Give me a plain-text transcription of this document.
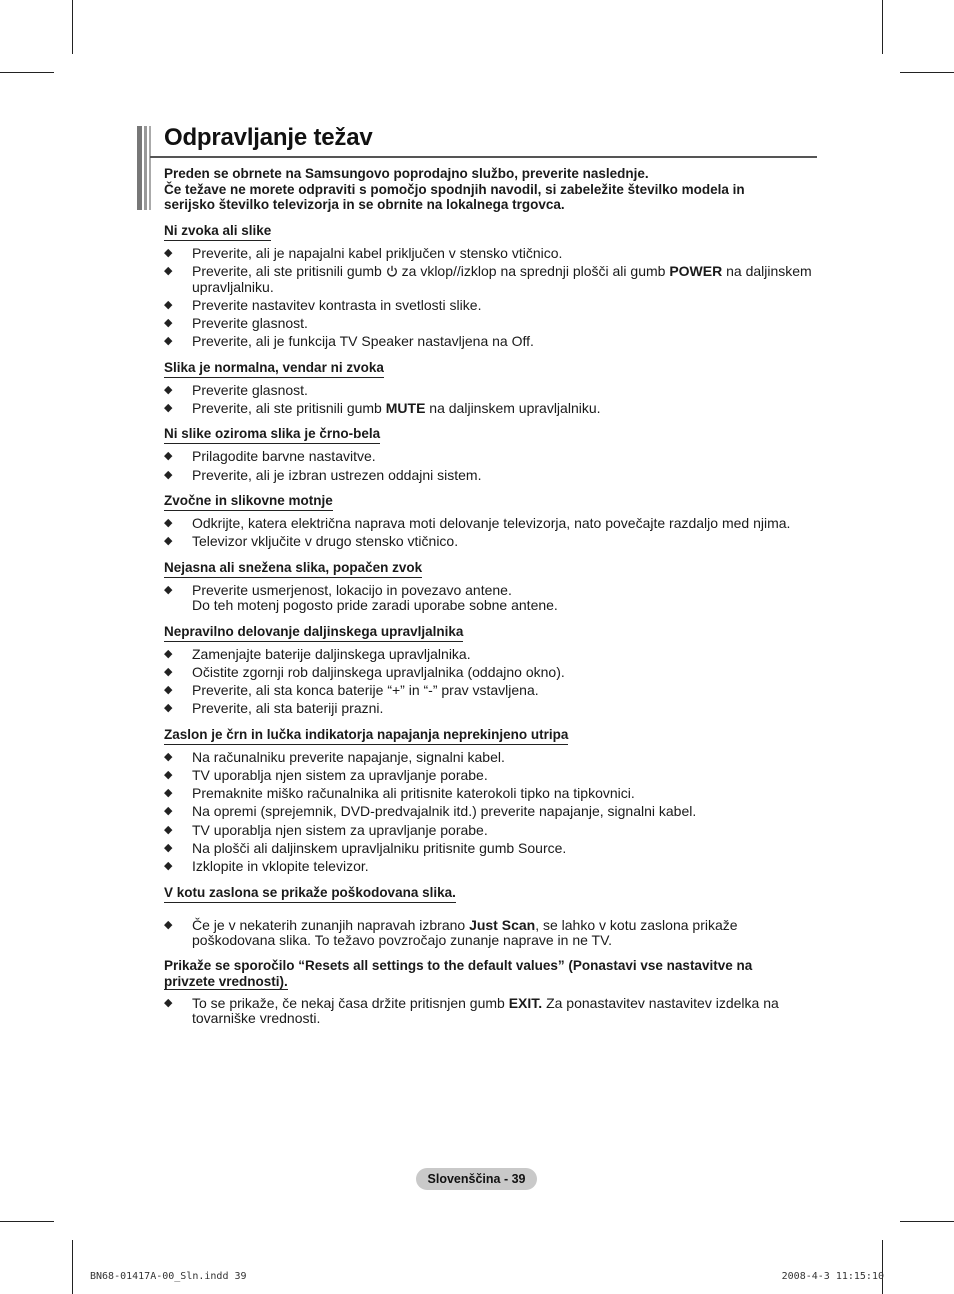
Odpravljanje težav
Preden se obrnete na Samsungovo poprodajno službo, preverite naslednje.
Če težave ne morete odpraviti s pomočjo spodnjih navodil, si zabeležite številko modela in
serijsko številko televizorja in se obrnite na lokalnega trgovca.
Ni zvoka ali slike
◆ Preverite, ali je napajalni kabel priključen v stensko vtičnico.
◆ Preverite, ali ste pritisnili gumb  za vklop//izklop na sprednji plošči ali gumb POWER na daljinskem upravljalniku.
◆ Preverite nastavitev kontrasta in svetlosti slike.
◆ Preverite glasnost.
◆ Preverite, ali je funkcija TV Speaker nastavljena na Off.
Slika je normalna, vendar ni zvoka
◆ Preverite glasnost.
◆ Preverite, ali ste pritisnili gumb MUTE na daljinskem upravljalniku.
Ni slike oziroma slika je črno-bela
◆ Prilagodite barvne nastavitve.
◆ Preverite, ali je izbran ustrezen oddajni sistem.
Zvočne in slikovne motnje
◆ Odkrijte, katera električna naprava moti delovanje televizorja, nato povečajte razdaljo med njima.
◆ Televizor vključite v drugo stensko vtičnico.
Nejasna ali snežena slika, popačen zvok
◆ Preverite usmerjenost, lokacijo in povezavo antene.
Do teh motenj pogosto pride zaradi uporabe sobne antene.
Nepravilno delovanje daljinskega upravljalnika
◆ Zamenjajte baterije daljinskega upravljalnika.
◆ Očistite zgornji rob daljinskega upravljalnika (oddajno okno).
◆ Preverite, ali sta konca baterije “+” in “-” prav vstavljena.
◆ Preverite, ali sta bateriji prazni.
Zaslon je črn in lučka indikatorja napajanja neprekinjeno utripa
◆ Na računalniku preverite napajanje, signalni kabel.
◆ TV uporablja njen sistem za upravljanje porabe.
◆ Premaknite miško računalnika ali pritisnite katerokoli tipko na tipkovnici.
◆ Na opremi (sprejemnik, DVD-predvajalnik itd.) preverite napajanje, signalni kabel.
◆ TV uporablja njen sistem za upravljanje porabe.
◆ Na plošči ali daljinskem upravljalniku pritisnite gumb Source.
◆ Izklopite in vklopite televizor.
V kotu zaslona se prikaže poškodovana slika.
◆ Če je v nekaterih zunanjih napravah izbrano Just Scan, se lahko v kotu zaslona prikaže poškodovana slika. To težavo povzročajo zunanje naprave in ne TV.
Prikaže se sporočilo “Resets all settings to the default values” (Ponastavi vse nastavitve na
privzete vrednosti).
◆ To se prikaže, če nekaj časa držite pritisnjen gumb EXIT. Za ponastavitev nastavitev izdelka na tovarniške vrednosti.
Slovenščina - 39
BN68-01417A-00_Sln.indd 39	2008-4-3 11:15:10
